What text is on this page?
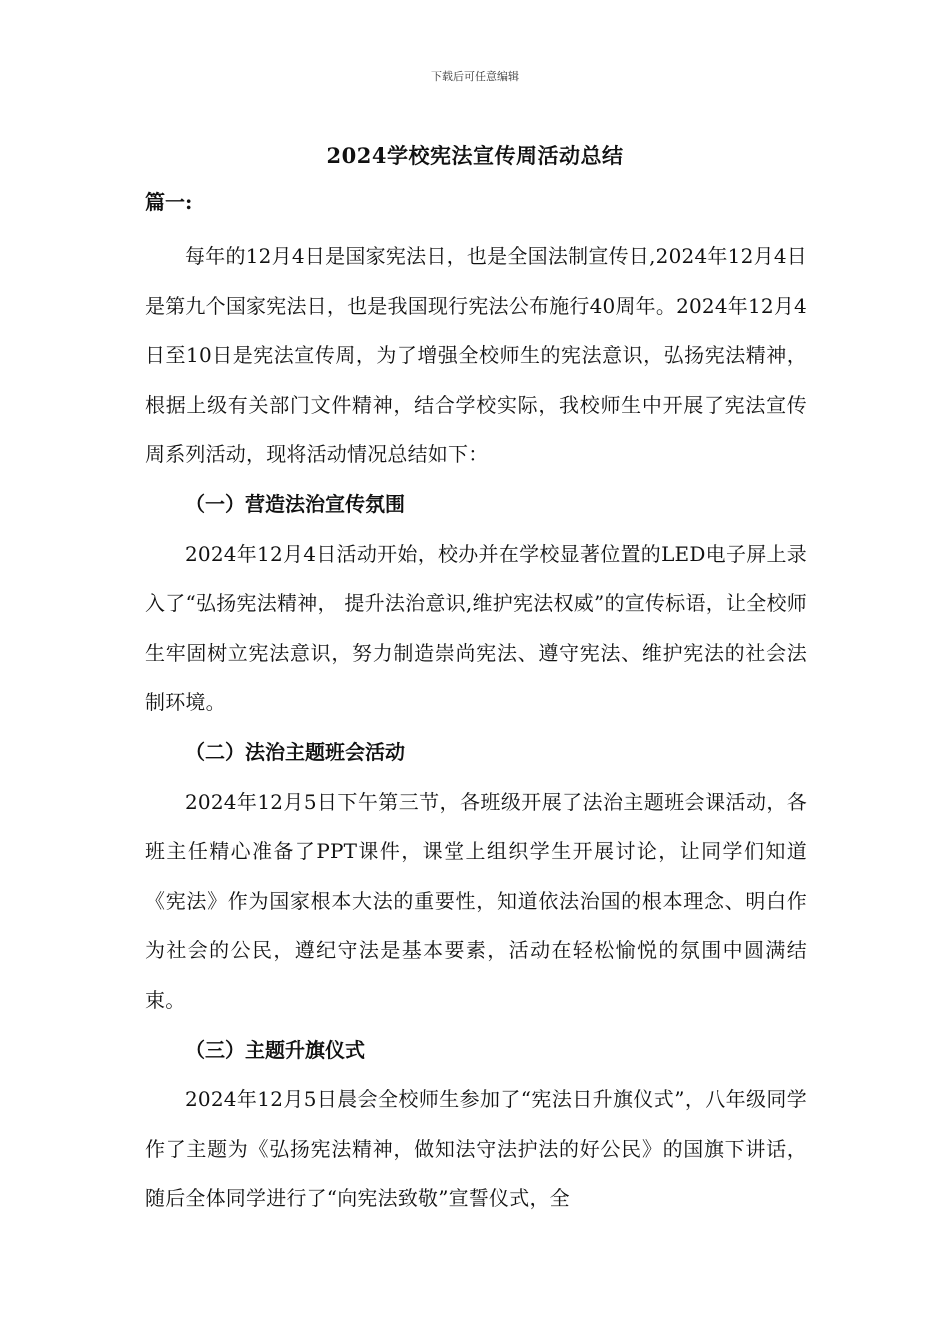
下载后可任意编辑
2024学校宪法宣传周活动总结
篇一:

每年的12月4日是国家宪法日，也是全国法制宣传日,2024年12月4日是第九个国家宪法日，也是我国现行宪法公布施行40周年。2024年12月4日至10日是宪法宣传周，为了增强全校师生的宪法意识，弘扬宪法精神，根据上级有关部门文件精神，结合学校实际，我校师生中开展了宪法宣传周系列活动，现将活动情况总结如下：

（一）营造法治宣传氛围

2024年12月4日活动开始，校办并在学校显著位置的LED电子屏上录入了“弘扬宪法精神， 提升法治意识,维护宪法权威”的宣传标语，让全校师生牢固树立宪法意识，努力制造崇尚宪法、遵守宪法、维护宪法的社会法制环境。

（二）法治主题班会活动

2024年12月5日下午第三节，各班级开展了法治主题班会课活动，各班主任精心准备了PPT课件，课堂上组织学生开展讨论，让同学们知道《宪法》作为国家根本大法的重要性，知道依法治国的根本理念、明白作为社会的公民，遵纪守法是基本要素，活动在轻松愉悦的氛围中圆满结束。

（三）主题升旗仪式

2024年12月5日晨会全校师生参加了“宪法日升旗仪式”，八年级同学作了主题为《弘扬宪法精神，做知法守法护法的好公民》的国旗下讲话，随后全体同学进行了“向宪法致敬”宣誓仪式，全
